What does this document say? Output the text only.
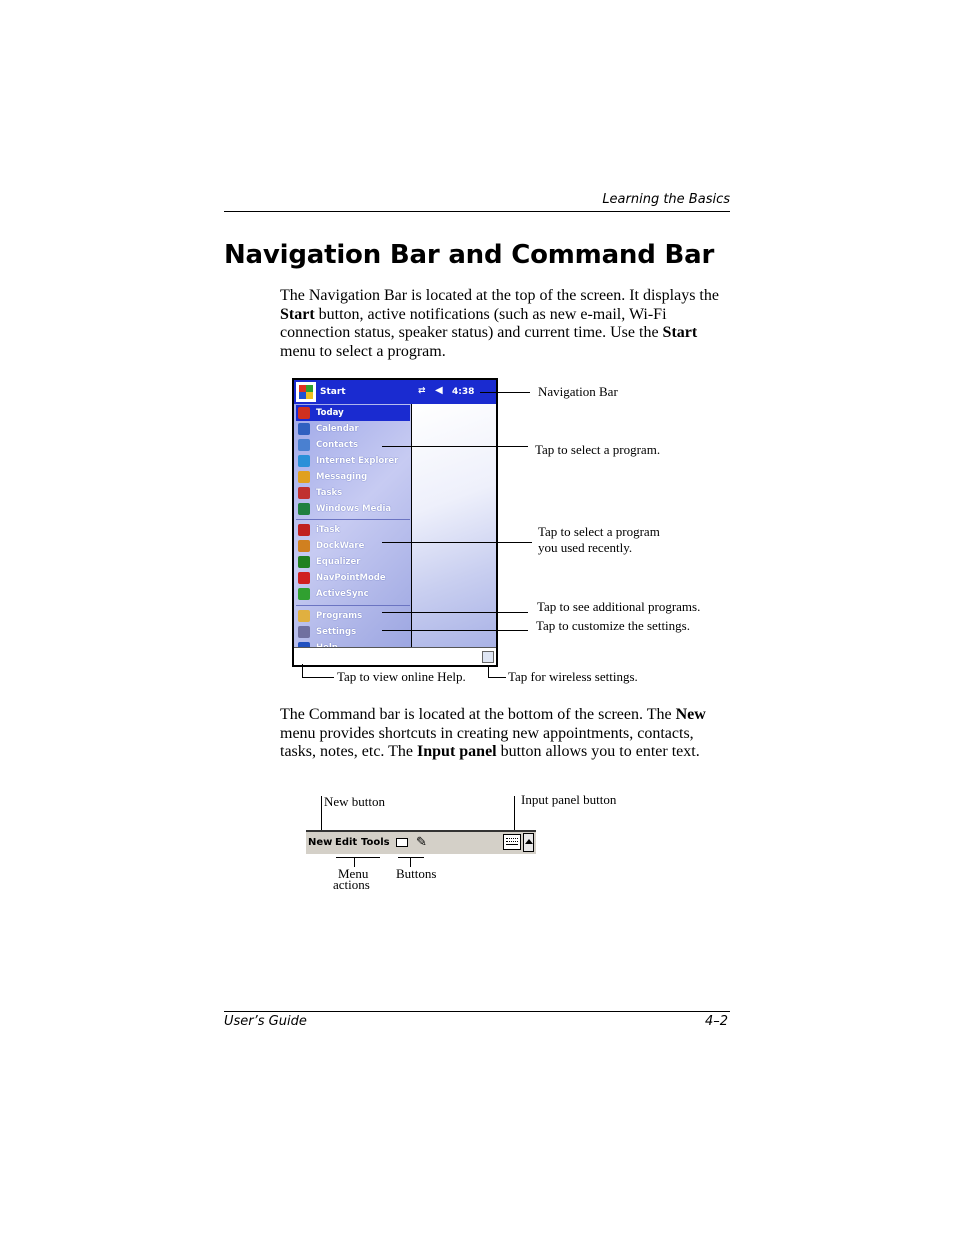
Learning the Basics
Navigation Bar and Command Bar
The Navigation Bar is located at the top of the screen. It displays the Start button, active notifications (such as new e-mail, Wi-Fi connection status, speaker status) and current time. Use the Start menu to select a program.
Start	⇄ ◀ 4:38
Today
Calendar
Contacts
Internet Explorer
Messaging
Tasks
Windows Media
iTask
DockWare
Equalizer
NavPointMode
ActiveSync
Programs
Settings
Navigation Bar
Tap to select a program.
Tap to select a program
you used recently.
Tap to see additional programs.
Tap to customize the settings.
Tap to view online Help.	Tap for wireless settings.
The Command bar is located at the bottom of the screen. The New menu provides shortcuts in creating new appointments, contacts, tasks, notes, etc. The Input panel button allows you to enter text.
New button	Input panel button
New Edit Tools ✎
Menu
actions
Buttons
User’s Guide	4–2
